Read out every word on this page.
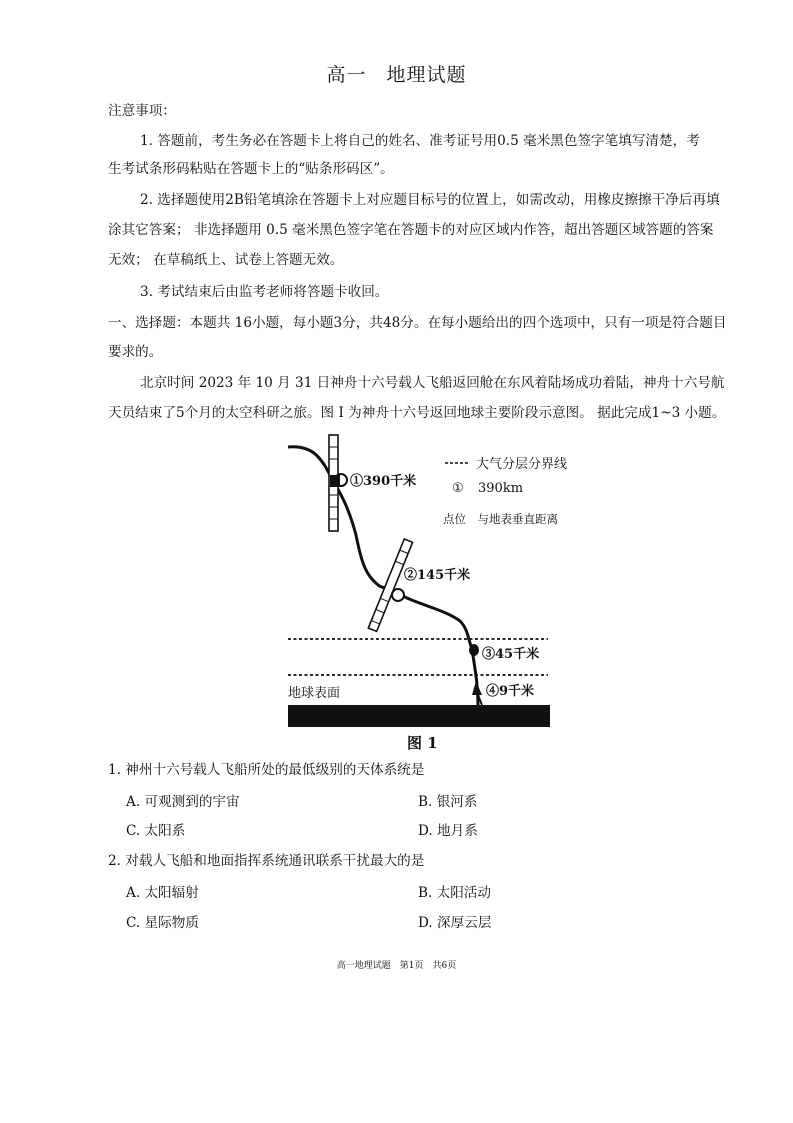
高一　地理试题
注意事项：
1. 答题前，考生务必在答题卡上将自己的姓名、准考证号用0.5 毫米黑色签字笔填写清楚，考
生考试条形码粘贴在答题卡上的“贴条形码区”。
2. 选择题使用2B铅笔填涂在答题卡上对应题目标号的位置上，如需改动，用橡皮擦擦干净后再填
涂其它答案； 非选择题用 0.5 毫米黑色签字笔在答题卡的对应区域内作答，超出答题区域答题的答案
无效； 在草稿纸上、试卷上答题无效。
3. 考试结束后由监考老师将答题卡收回。
一、选择题：本题共 16小题，每小题3分，共48分。在每小题给出的四个选项中，只有一项是符合题目
要求的。
北京时间 2023 年 10 月 31 日神舟十六号载人飞船返回舱在东风着陆场成功着陆，神舟十六号航
天员结束了5个月的太空科研之旅。图 I 为神舟十六号返回地球主要阶段示意图。 据此完成1~3 小题。
大气分层分界线
① 390km
点位　与地表垂直距离
①390千米
②145千米
③45千米
④9千米
地球表面
图 1
1. 神州十六号载人飞船所处的最低级别的天体系统是
A. 可观测到的宇宙	B. 银河系
C. 太阳系	D. 地月系
2. 对载人飞船和地面指挥系统通讯联系干扰最大的是
A. 太阳辐射	B. 太阳活动
C. 星际物质	D. 深厚云层
高一地理试题　第1页　共6页
